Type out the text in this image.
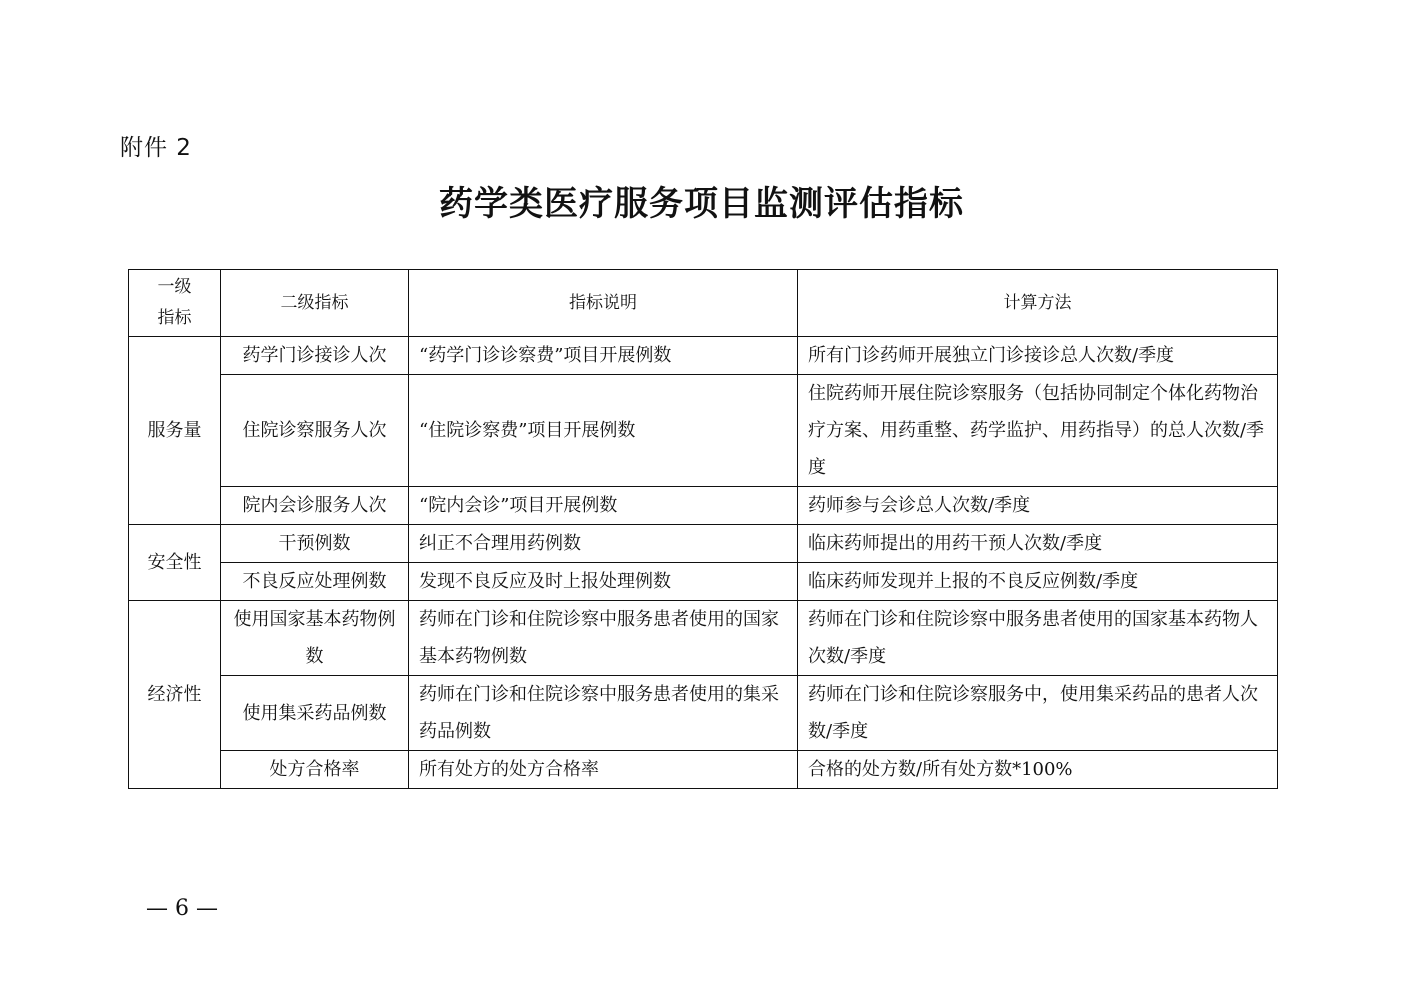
附件 2
药学类医疗服务项目监测评估指标
一级
指标	二级指标	指标说明	计算方法
服务量	药学门诊接诊人次	“药学门诊诊察费”项目开展例数	所有门诊药师开展独立门诊接诊总人次数/季度
	住院诊察服务人次	“住院诊察费”项目开展例数	住院药师开展住院诊察服务（包括协同制定个体化药物治疗方案、用药重整、药学监护、用药指导）的总人次数/季度
	院内会诊服务人次	“院内会诊”项目开展例数	药师参与会诊总人次数/季度
安全性	干预例数	纠正不合理用药例数	临床药师提出的用药干预人次数/季度
	不良反应处理例数	发现不良反应及时上报处理例数	临床药师发现并上报的不良反应例数/季度
经济性	使用国家基本药物例数	药师在门诊和住院诊察中服务患者使用的国家基本药物例数	药师在门诊和住院诊察中服务患者使用的国家基本药物人次数/季度
	使用集采药品例数	药师在门诊和住院诊察中服务患者使用的集采药品例数	药师在门诊和住院诊察服务中，使用集采药品的患者人次数/季度
	处方合格率	所有处方的处方合格率	合格的处方数/所有处方数*100%
— 6 —
